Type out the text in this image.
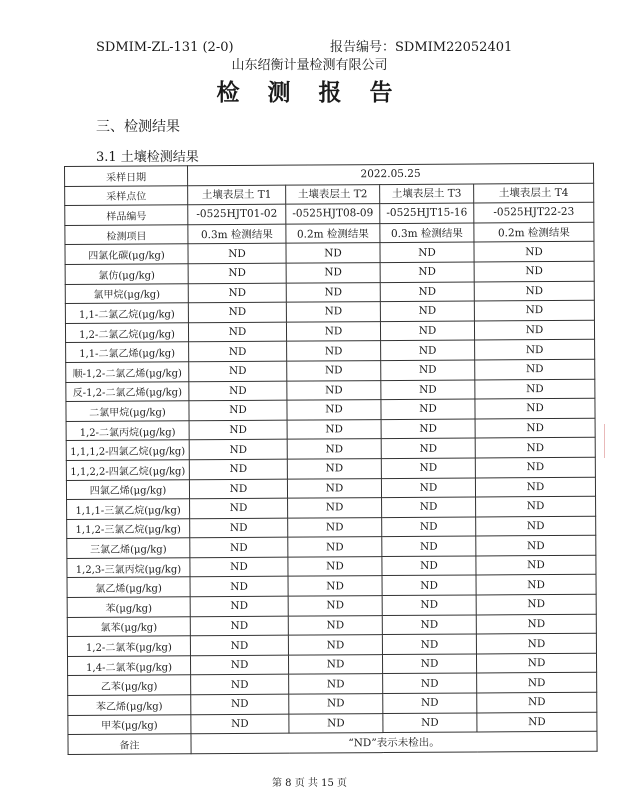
SDMIM-ZL-131 (2-0)	报告编号：SDMIM22052401
山东绍衡计量检测有限公司
检 测 报 告
三、检测结果
3.1 土壤检测结果
采样日期	2022.05.25			
采样点位	土壤表层土 T1	土壤表层土 T2	土壤表层土 T3	土壤表层土 T4
样品编号	-0525HJT01-02	-0525HJT08-09	-0525HJT15-16	-0525HJT22-23
检测项目	0.3m 检测结果	0.2m 检测结果	0.3m 检测结果	0.2m 检测结果
四氯化碳(μg/kg)	ND	ND	ND	ND
氯仿(μg/kg)	ND	ND	ND	ND
氯甲烷(μg/kg)	ND	ND	ND	ND
1,1-二氯乙烷(μg/kg)	ND	ND	ND	ND
1,2-二氯乙烷(μg/kg)	ND	ND	ND	ND
1,1-二氯乙烯(μg/kg)	ND	ND	ND	ND
顺-1,2-二氯乙烯(μg/kg)	ND	ND	ND	ND
反-1,2-二氯乙烯(μg/kg)	ND	ND	ND	ND
二氯甲烷(μg/kg)	ND	ND	ND	ND
1,2-二氯丙烷(μg/kg)	ND	ND	ND	ND
1,1,1,2-四氯乙烷(μg/kg)	ND	ND	ND	ND
1,1,2,2-四氯乙烷(μg/kg)	ND	ND	ND	ND
四氯乙烯(μg/kg)	ND	ND	ND	ND
1,1,1-三氯乙烷(μg/kg)	ND	ND	ND	ND
1,1,2-三氯乙烷(μg/kg)	ND	ND	ND	ND
三氯乙烯(μg/kg)	ND	ND	ND	ND
1,2,3-三氯丙烷(μg/kg)	ND	ND	ND	ND
氯乙烯(μg/kg)	ND	ND	ND	ND
苯(μg/kg)	ND	ND	ND	ND
氯苯(μg/kg)	ND	ND	ND	ND
1,2-二氯苯(μg/kg)	ND	ND	ND	ND
1,4-二氯苯(μg/kg)	ND	ND	ND	ND
乙苯(μg/kg)	ND	ND	ND	ND
苯乙烯(μg/kg)	ND	ND	ND	ND
甲苯(μg/kg)	ND	ND	ND	ND
备注	“ND”表示未检出。			
第 8 页 共 15 页
